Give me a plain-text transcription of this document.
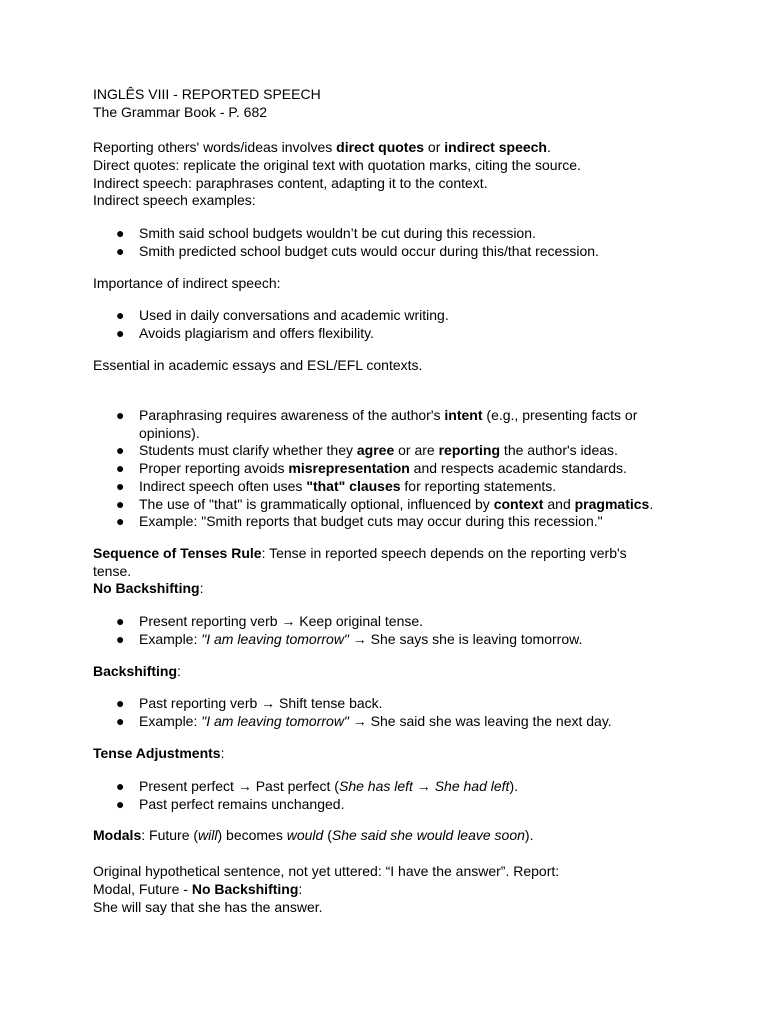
INGLÊS VIII - REPORTED SPEECH
The Grammar Book - P. 682
Reporting others' words/ideas involves direct quotes or indirect speech.
Direct quotes: replicate the original text with quotation marks, citing the source.
Indirect speech: paraphrases content, adapting it to the context.
Indirect speech examples:
● Smith said school budgets wouldn’t be cut during this recession.
● Smith predicted school budget cuts would occur during this/that recession.
Importance of indirect speech:
● Used in daily conversations and academic writing.
● Avoids plagiarism and offers flexibility.
Essential in academic essays and ESL/EFL contexts.
● Paraphrasing requires awareness of the author's intent (e.g., presenting facts or
opinions).
● Students must clarify whether they agree or are reporting the author's ideas.
● Proper reporting avoids misrepresentation and respects academic standards.
● Indirect speech often uses "that" clauses for reporting statements.
● The use of "that" is grammatically optional, influenced by context and pragmatics.
● Example: "Smith reports that budget cuts may occur during this recession."
Sequence of Tenses Rule: Tense in reported speech depends on the reporting verb's
tense.
No Backshifting:
● Present reporting verb → Keep original tense.
● Example: "I am leaving tomorrow" → She says she is leaving tomorrow.
Backshifting:
● Past reporting verb → Shift tense back.
● Example: "I am leaving tomorrow" → She said she was leaving the next day.
Tense Adjustments:
● Present perfect → Past perfect (She has left → She had left).
● Past perfect remains unchanged.
Modals: Future (will) becomes would (She said she would leave soon).
Original hypothetical sentence, not yet uttered: “I have the answer”. Report:
Modal, Future - No Backshifting:
She will say that she has the answer.
